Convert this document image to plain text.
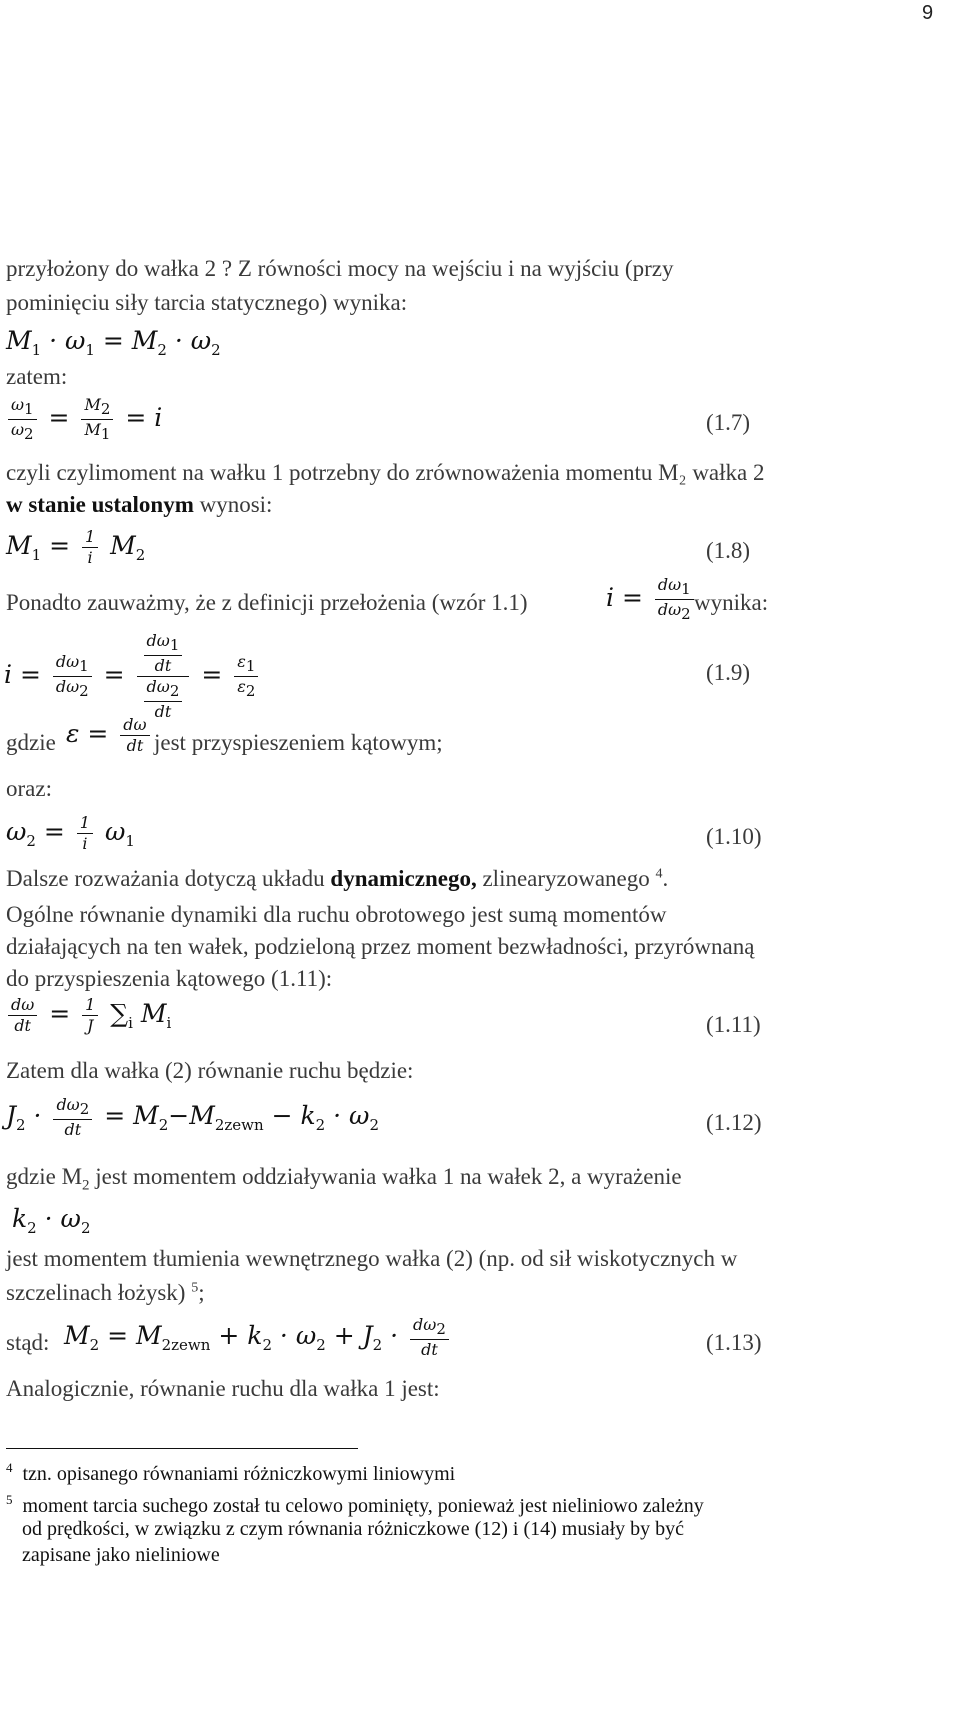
9
przyłożony do wałka 2 ? Z równości mocy na wejściu i na wyjściu (przy
pominięciu siły tarcia statycznego) wynika:
$M_1 \cdot \omega_1 = M_2 \cdot \omega_2$
zatem:
$\frac{\omega_1}{\omega_2} = \frac{M_2}{M_1} = i$	(1.7)
czyli czylimoment na wałku 1 potrzebny do zrównoważenia momentu M₂ wałka 2
w stanie ustalonym wynosi:
$M_1 = \frac{1}{i} M_2$	(1.8)
Ponadto zauważmy, że z definicji przełożenia (wzór 1.1)	$i = \frac{d\omega_1}{d\omega_2}$ wynika:
$i = \frac{d\omega_1}{d\omega_2} = \frac{\frac{d\omega_1}{dt}}{\frac{d\omega_2}{dt}} = \frac{\varepsilon_1}{\varepsilon_2}$	(1.9)
gdzie $\varepsilon = \frac{d\omega}{dt}$ jest przyspieszeniem kątowym;
oraz:
$\omega_2 = \frac{1}{i} \omega_1$	(1.10)
Dalsze rozważania dotyczą układu dynamicznego, zlinearyzowanego $^4$.
Ogólne równanie dynamiki dla ruchu obrotowego jest sumą momentów
działających na ten wałek, podzieloną przez moment bezwładności, przyrównaną
do przyspieszenia kątowego (1.11):
$\frac{d\omega}{dt} = \frac{1}{J} \sum_i$ $M_i$	(1.11)
Zatem dla wałka (2) równanie ruchu będzie:
$J_2 \cdot \frac{d\omega_2}{dt} = M_2-M_{2zewn} - k_2 \cdot \omega_2$	(1.12)
gdzie $M_2$ jest momentem oddziaływania wałka 1 na wałek 2, a wyrażenie
$k_2 \cdot \omega_2$
jest momentem tłumienia wewnętrznego wałka (2) (np. od sił wiskotycznych w
szczelinach łożysk) $^5$;
stąd: $M_2 = M_{2zewn} + k_2 \cdot \omega_2 + J_2 \cdot \frac{d\omega_2}{dt}$	(1.13)
Analogicznie, równanie ruchu dla wałka 1 jest:
$^4$ tzn. opisanego równaniami różniczkowymi liniowymi
$^5$ moment tarcia suchego został tu celowo pominięty, ponieważ jest nieliniowo zależny
od prędkości, w związku z czym równania różniczkowe (12) i (14) musiały by być
zapisane jako nieliniowe
